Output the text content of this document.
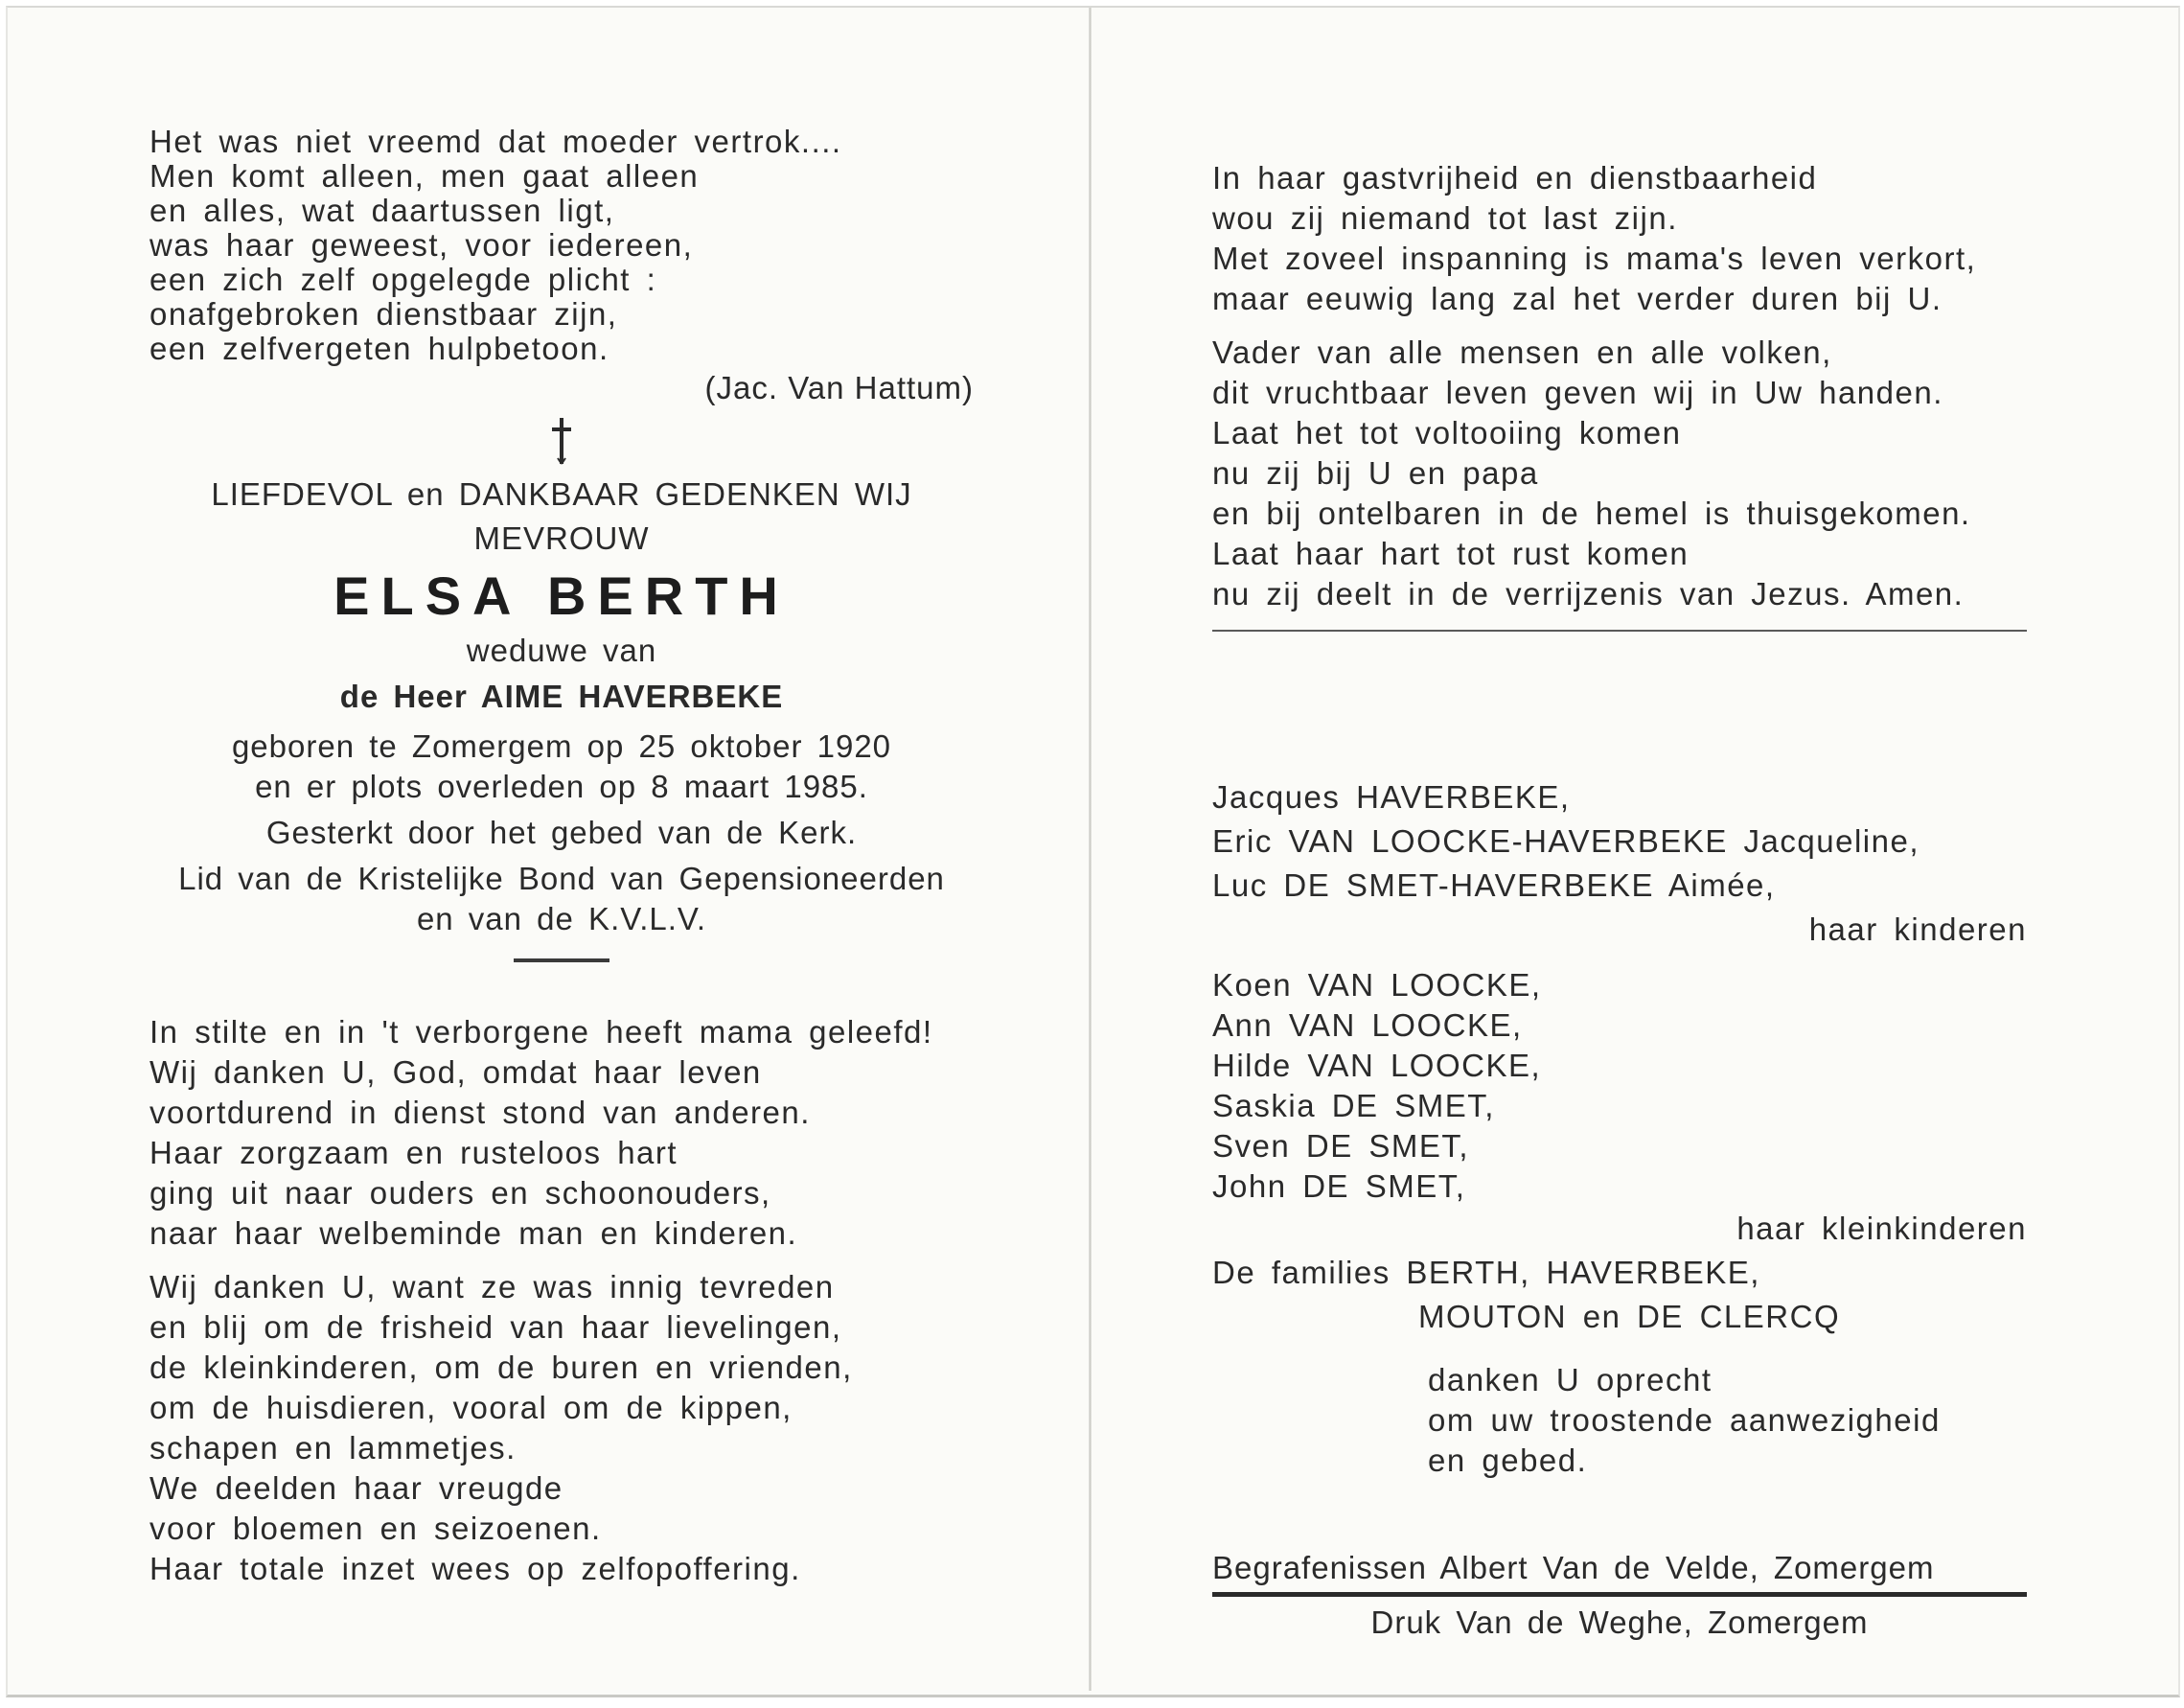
Het was niet vreemd dat moeder vertrok....
Men komt alleen, men gaat alleen
en alles, wat daartussen ligt,
was haar geweest, voor iedereen,
een zich zelf opgelegde plicht :
onafgebroken dienstbaar zijn,
een zelfvergeten hulpbetoon.
(Jac. Van Hattum)
LIEFDEVOL en DANKBAAR GEDENKEN WIJ
MEVROUW
ELSA BERTH
weduwe van
de Heer AIME HAVERBEKE
geboren te Zomergem op 25 oktober 1920
en er plots overleden op 8 maart 1985.
Gesterkt door het gebed van de Kerk.
Lid van de Kristelijke Bond van Gepensioneerden
en van de K.V.L.V.
In stilte en in 't verborgene heeft mama geleefd!
Wij danken U, God, omdat haar leven
voortdurend in dienst stond van anderen.
Haar zorgzaam en rusteloos hart
ging uit naar ouders en schoonouders,
naar haar welbeminde man en kinderen.
Wij danken U, want ze was innig tevreden
en blij om de frisheid van haar lievelingen,
de kleinkinderen, om de buren en vrienden,
om de huisdieren, vooral om de kippen,
schapen en lammetjes.
We deelden haar vreugde
voor bloemen en seizoenen.
Haar totale inzet wees op zelfopoffering.
In haar gastvrijheid en dienstbaarheid
wou zij niemand tot last zijn.
Met zoveel inspanning is mama's leven verkort,
maar eeuwig lang zal het verder duren bij U.
Vader van alle mensen en alle volken,
dit vruchtbaar leven geven wij in Uw handen.
Laat het tot voltooiing komen
nu zij bij U en papa
en bij ontelbaren in de hemel is thuisgekomen.
Laat haar hart tot rust komen
nu zij deelt in de verrijzenis van Jezus. Amen.
Jacques HAVERBEKE,
Eric VAN LOOCKE-HAVERBEKE Jacqueline,
Luc DE SMET-HAVERBEKE Aimée,
haar kinderen
Koen VAN LOOCKE,
Ann VAN LOOCKE,
Hilde VAN LOOCKE,
Saskia DE SMET,
Sven DE SMET,
John DE SMET,
haar kleinkinderen
De families BERTH, HAVERBEKE,
MOUTON en DE CLERCQ
danken U oprecht
om uw troostende aanwezigheid
en gebed.
Begrafenissen Albert Van de Velde, Zomergem
Druk Van de Weghe, Zomergem
